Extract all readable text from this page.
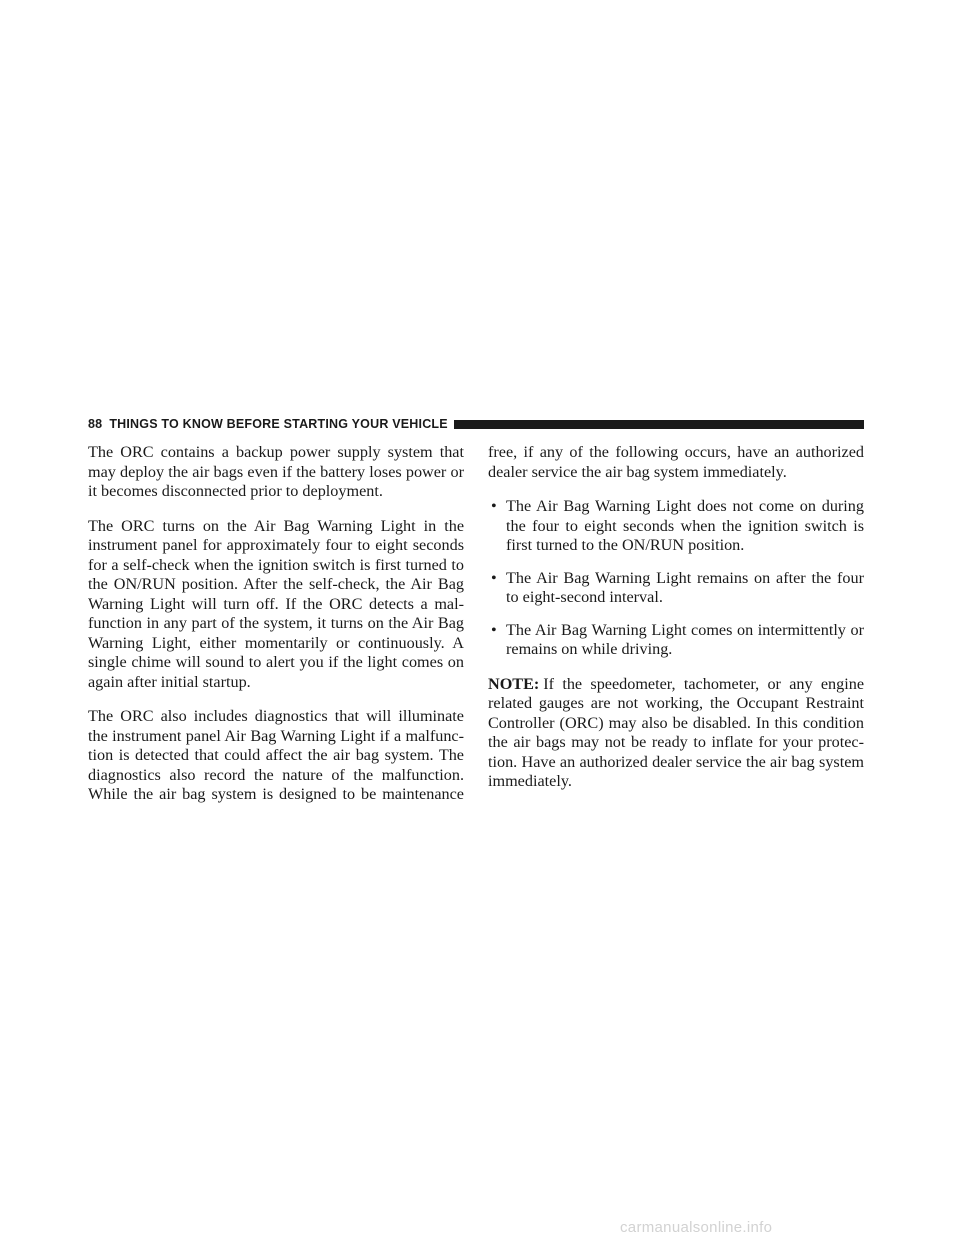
88 THINGS TO KNOW BEFORE STARTING YOUR VEHICLE

The ORC contains a backup power supply system that may deploy the air bags even if the battery loses power or it becomes disconnected prior to deployment.

The ORC turns on the Air Bag Warning Light in the instrument panel for approximately four to eight seconds for a self-check when the ignition switch is first turned to the ON/RUN position. After the self-check, the Air Bag Warning Light will turn off. If the ORC detects a malfunction in any part of the system, it turns on the Air Bag Warning Light, either momentarily or continuously. A single chime will sound to alert you if the light comes on again after initial startup.

The ORC also includes diagnostics that will illuminate the instrument panel Air Bag Warning Light if a malfunction is detected that could affect the air bag system. The diagnostics also record the nature of the malfunction. While the air bag system is designed to be maintenance

free, if any of the following occurs, have an authorized dealer service the air bag system immediately.

• The Air Bag Warning Light does not come on during the four to eight seconds when the ignition switch is first turned to the ON/RUN position.
• The Air Bag Warning Light remains on after the four to eight-second interval.
• The Air Bag Warning Light comes on intermittently or remains on while driving.

NOTE: If the speedometer, tachometer, or any engine related gauges are not working, the Occupant Restraint Controller (ORC) may also be disabled. In this condition the air bags may not be ready to inflate for your protection. Have an authorized dealer service the air bag system immediately.

carmanualsonline.info
